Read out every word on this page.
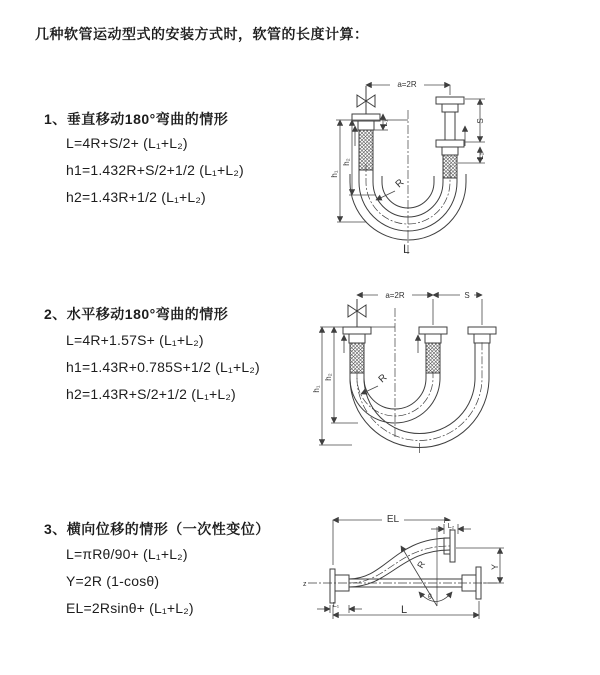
几种软管运动型式的安装方式时，软管的长度计算：
1、垂直移动180°弯曲的情形
L=4R+S/2+ (L₁+L₂)
h1=1.432R+S/2+1/2 (L₁+L₂)
h2=1.43R+1/2 (L₁+L₂)
2、水平移动180°弯曲的情形
L=4R+1.57S+ (L₁+L₂)
h1=1.43R+0.785S+1/2 (L₁+L₂)
h2=1.43R+S/2+1/2 (L₁+L₂)
3、横向位移的情形（一次性变位）
L=πRθ/90+ (L₁+L₂)
Y=2R (1-cosθ)
EL=2Rsinθ+ (L₁+L₂)
a=2R
S
L₂
L₁
h₁
h₂
R
L
a=2R	S
h₁
h₂	R
EL
L₂
Y
R
θ
L
L₁
z
